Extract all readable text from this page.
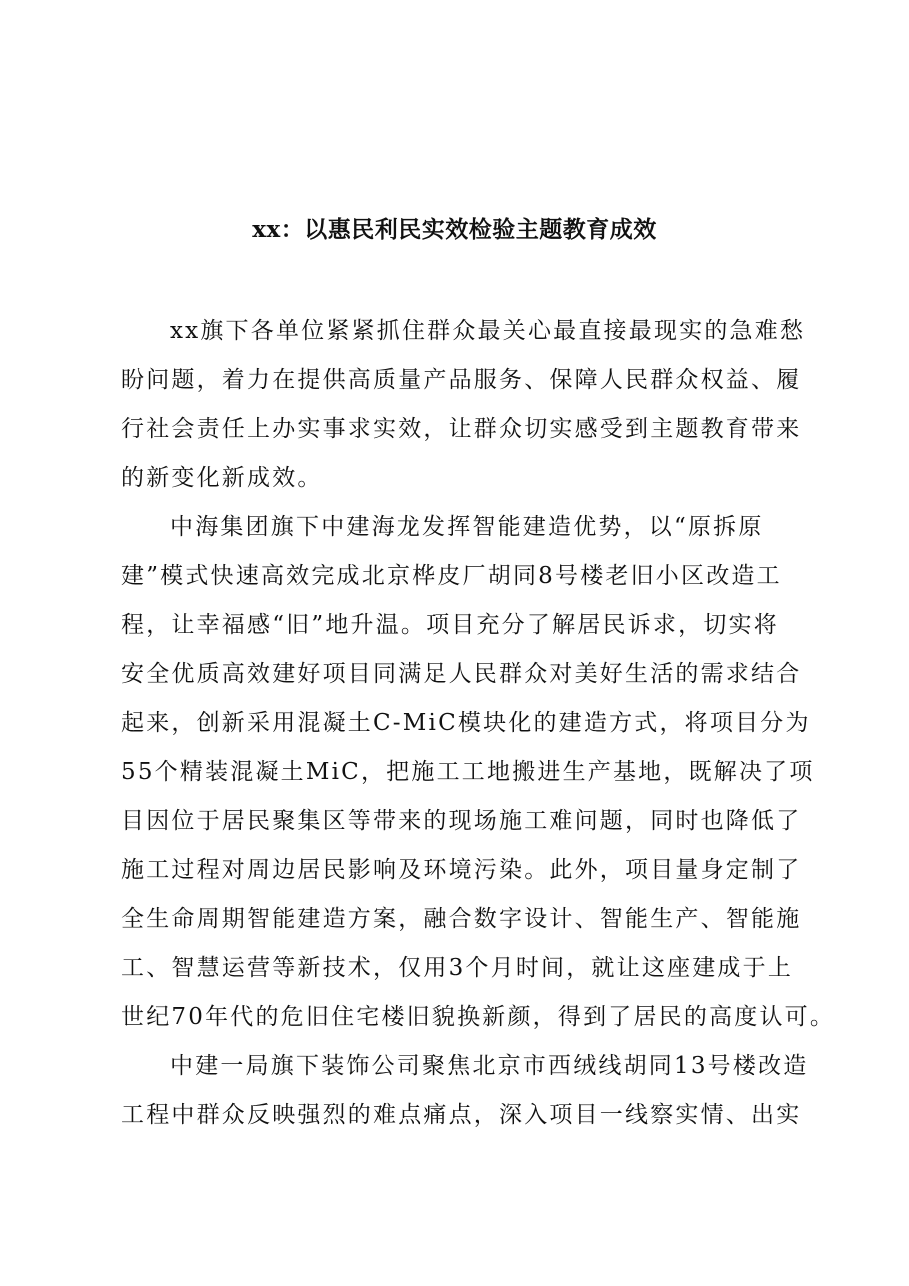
xx：以惠民利民实效检验主题教育成效
xx旗下各单位紧紧抓住群众最关心最直接最现实的急难愁
盼问题，着力在提供高质量产品服务、保障人民群众权益、履
行社会责任上办实事求实效，让群众切实感受到主题教育带来
的新变化新成效。
中海集团旗下中建海龙发挥智能建造优势，以“原拆原
建”模式快速高效完成北京桦皮厂胡同8号楼老旧小区改造工
程，让幸福感“旧”地升温。项目充分了解居民诉求，切实将
安全优质高效建好项目同满足人民群众对美好生活的需求结合
起来，创新采用混凝土C-MiC模块化的建造方式，将项目分为
55个精装混凝土MiC，把施工工地搬进生产基地，既解决了项
目因位于居民聚集区等带来的现场施工难问题，同时也降低了
施工过程对周边居民影响及环境污染。此外，项目量身定制了
全生命周期智能建造方案，融合数字设计、智能生产、智能施
工、智慧运营等新技术，仅用3个月时间，就让这座建成于上
世纪70年代的危旧住宅楼旧貌换新颜，得到了居民的高度认可。
中建一局旗下装饰公司聚焦北京市西绒线胡同13号楼改造
工程中群众反映强烈的难点痛点，深入项目一线察实情、出实
